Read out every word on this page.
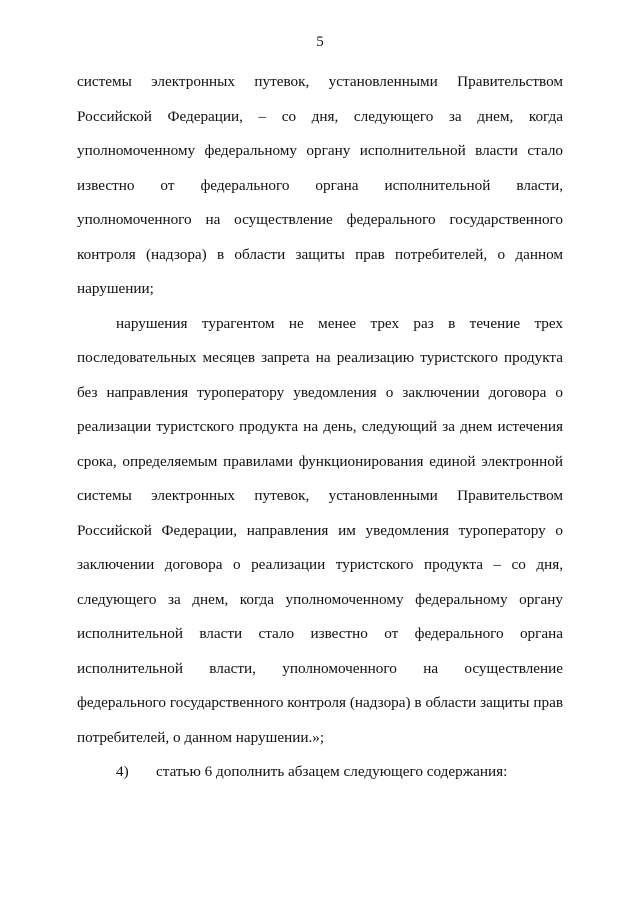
5

системы электронных путевок, установленными Правительством Российской Федерации, – со дня, следующего за днем, когда уполномоченному федеральному органу исполнительной власти стало известно от федерального органа исполнительной власти, уполномоченного на осуществление федерального государственного контроля (надзора) в области защиты прав потребителей, о данном нарушении;

нарушения турагентом не менее трех раз в течение трех последовательных месяцев запрета на реализацию туристского продукта без направления туроператору уведомления о заключении договора о реализации туристского продукта на день, следующий за днем истечения срока, определяемым правилами функционирования единой электронной системы электронных путевок, установленными Правительством Российской Федерации, направления им уведомления туроператору о заключении договора о реализации туристского продукта – со дня, следующего за днем, когда уполномоченному федеральному органу исполнительной власти стало известно от федерального органа исполнительной власти, уполномоченного на осуществление федерального государственного контроля (надзора) в области защиты прав потребителей, о данном нарушении.»;

4) статью 6 дополнить абзацем следующего содержания:
